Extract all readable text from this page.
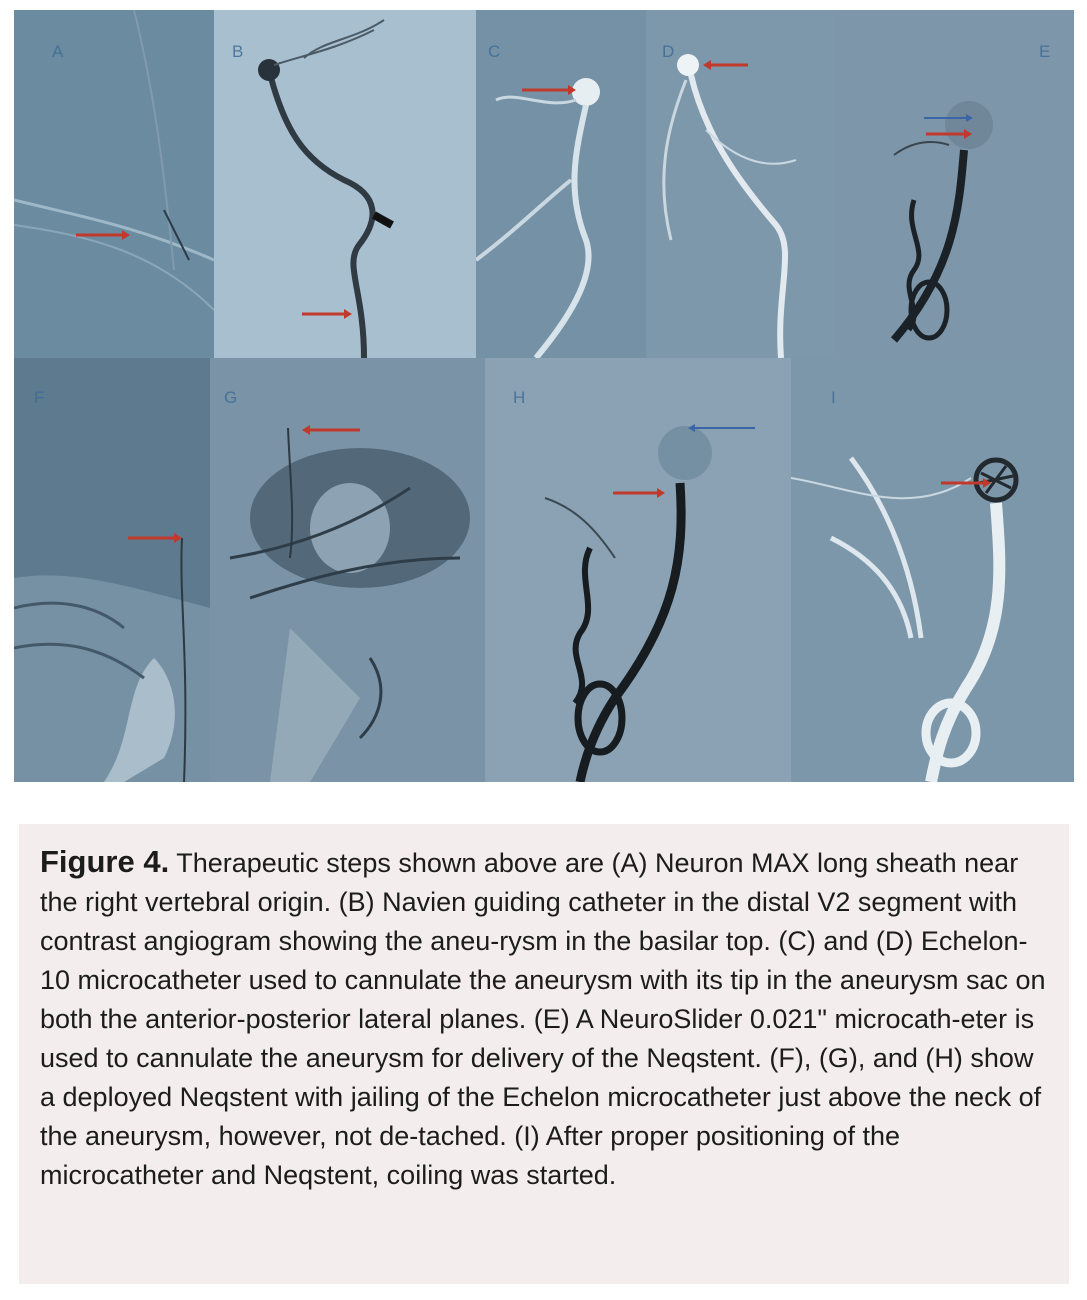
A	B	C	D	E
F	G	H	I

Figure 4. Therapeutic steps shown above are (A) Neuron MAX long sheath near the right vertebral origin. (B) Navien guiding catheter in the distal V2 segment with contrast angiogram showing the aneu-rysm in the basilar top. (C) and (D) Echelon-10 microcatheter used to cannulate the aneurysm with its tip in the aneurysm sac on both the anterior-posterior lateral planes. (E) A NeuroSlider 0.021" microcath-eter is used to cannulate the aneurysm for delivery of the Neqstent. (F), (G), and (H) show a deployed Neqstent with jailing of the Echelon microcatheter just above the neck of the aneurysm, however, not de-tached. (I) After proper positioning of the microcatheter and Neqstent, coiling was started.
